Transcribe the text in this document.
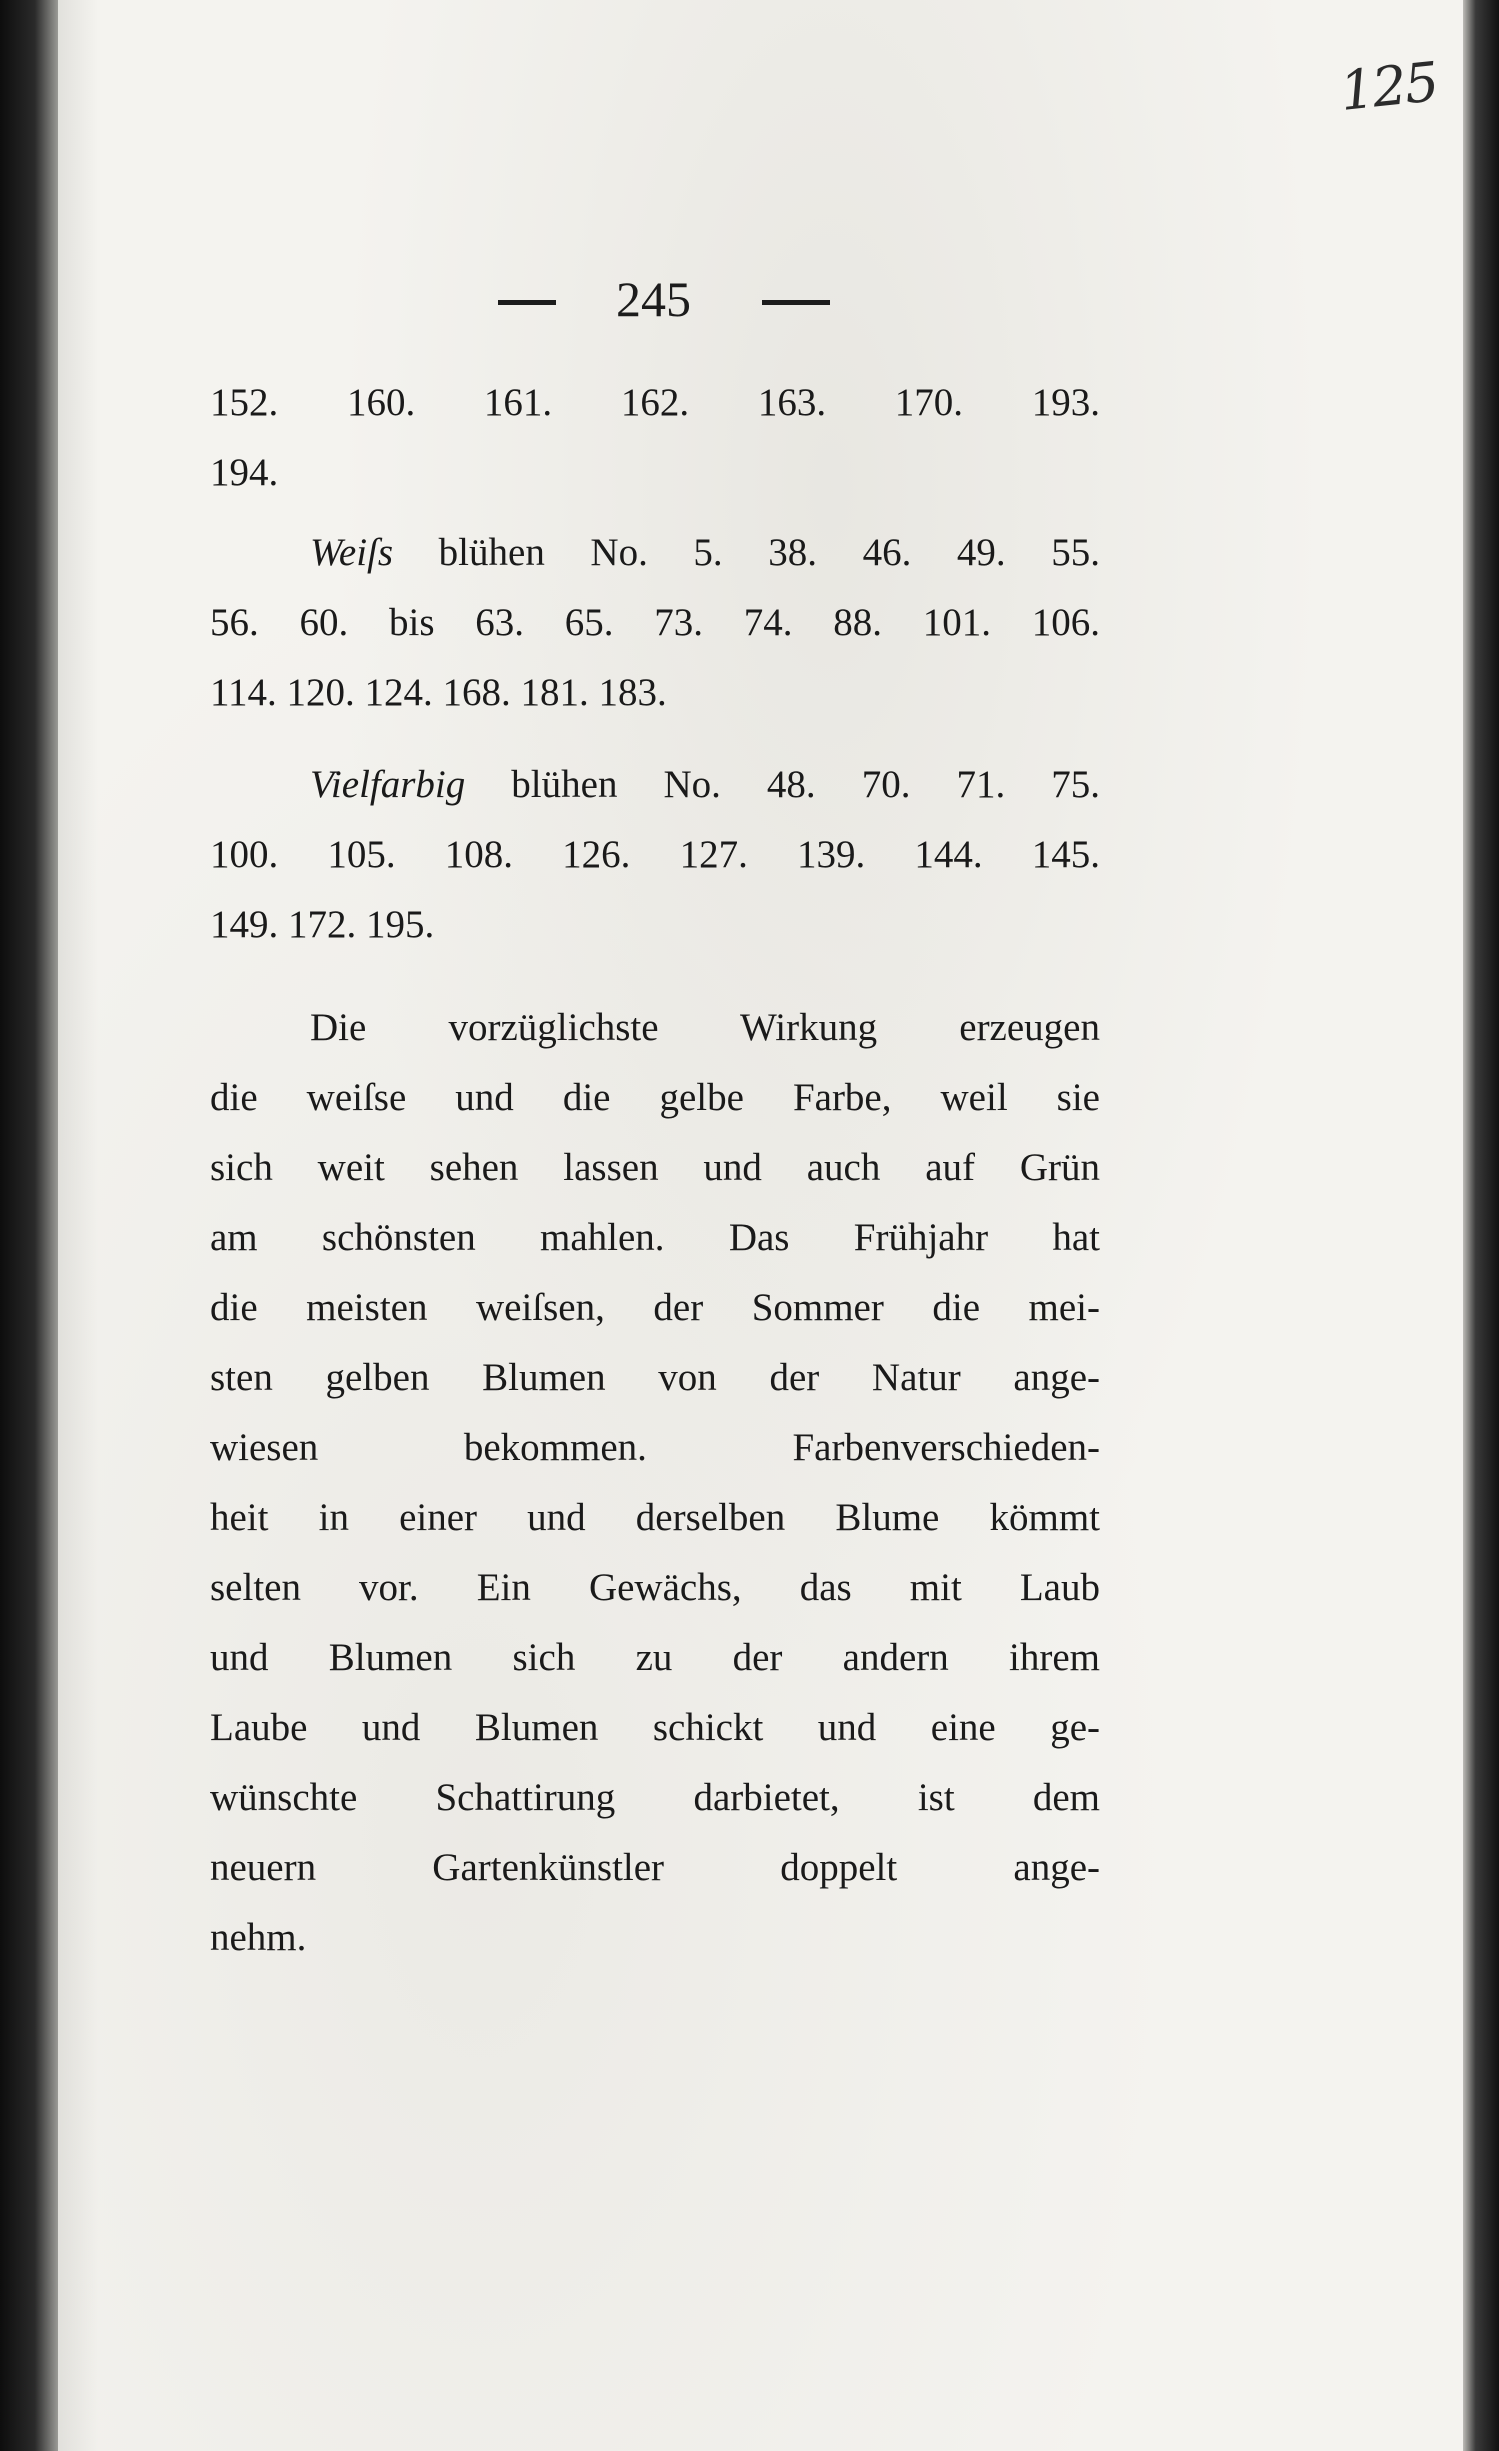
125
245
152. 160. 161. 162. 163. 170. 193.
194.
Weiſs blühen No. 5. 38. 46. 49. 55.
56. 60. bis 63. 65. 73. 74. 88. 101. 106.
114. 120. 124. 168. 181. 183.
Vielfarbig blühen No. 48. 70. 71. 75.
100. 105. 108. 126. 127. 139. 144. 145.
149. 172. 195.
Die vorzüglichste Wirkung erzeugen
die weiſse und die gelbe Farbe, weil sie
sich weit sehen lassen und auch auf Grün
am schönsten mahlen. Das Frühjahr hat
die meisten weiſsen, der Sommer die mei-
sten gelben Blumen von der Natur ange-
wiesen bekommen. Farbenverschieden-
heit in einer und derselben Blume kömmt
selten vor. Ein Gewächs, das mit Laub
und Blumen sich zu der andern ihrem
Laube und Blumen schickt und eine ge-
wünschte Schattirung darbietet, ist dem
neuern Gartenkünstler doppelt ange-
nehm.
